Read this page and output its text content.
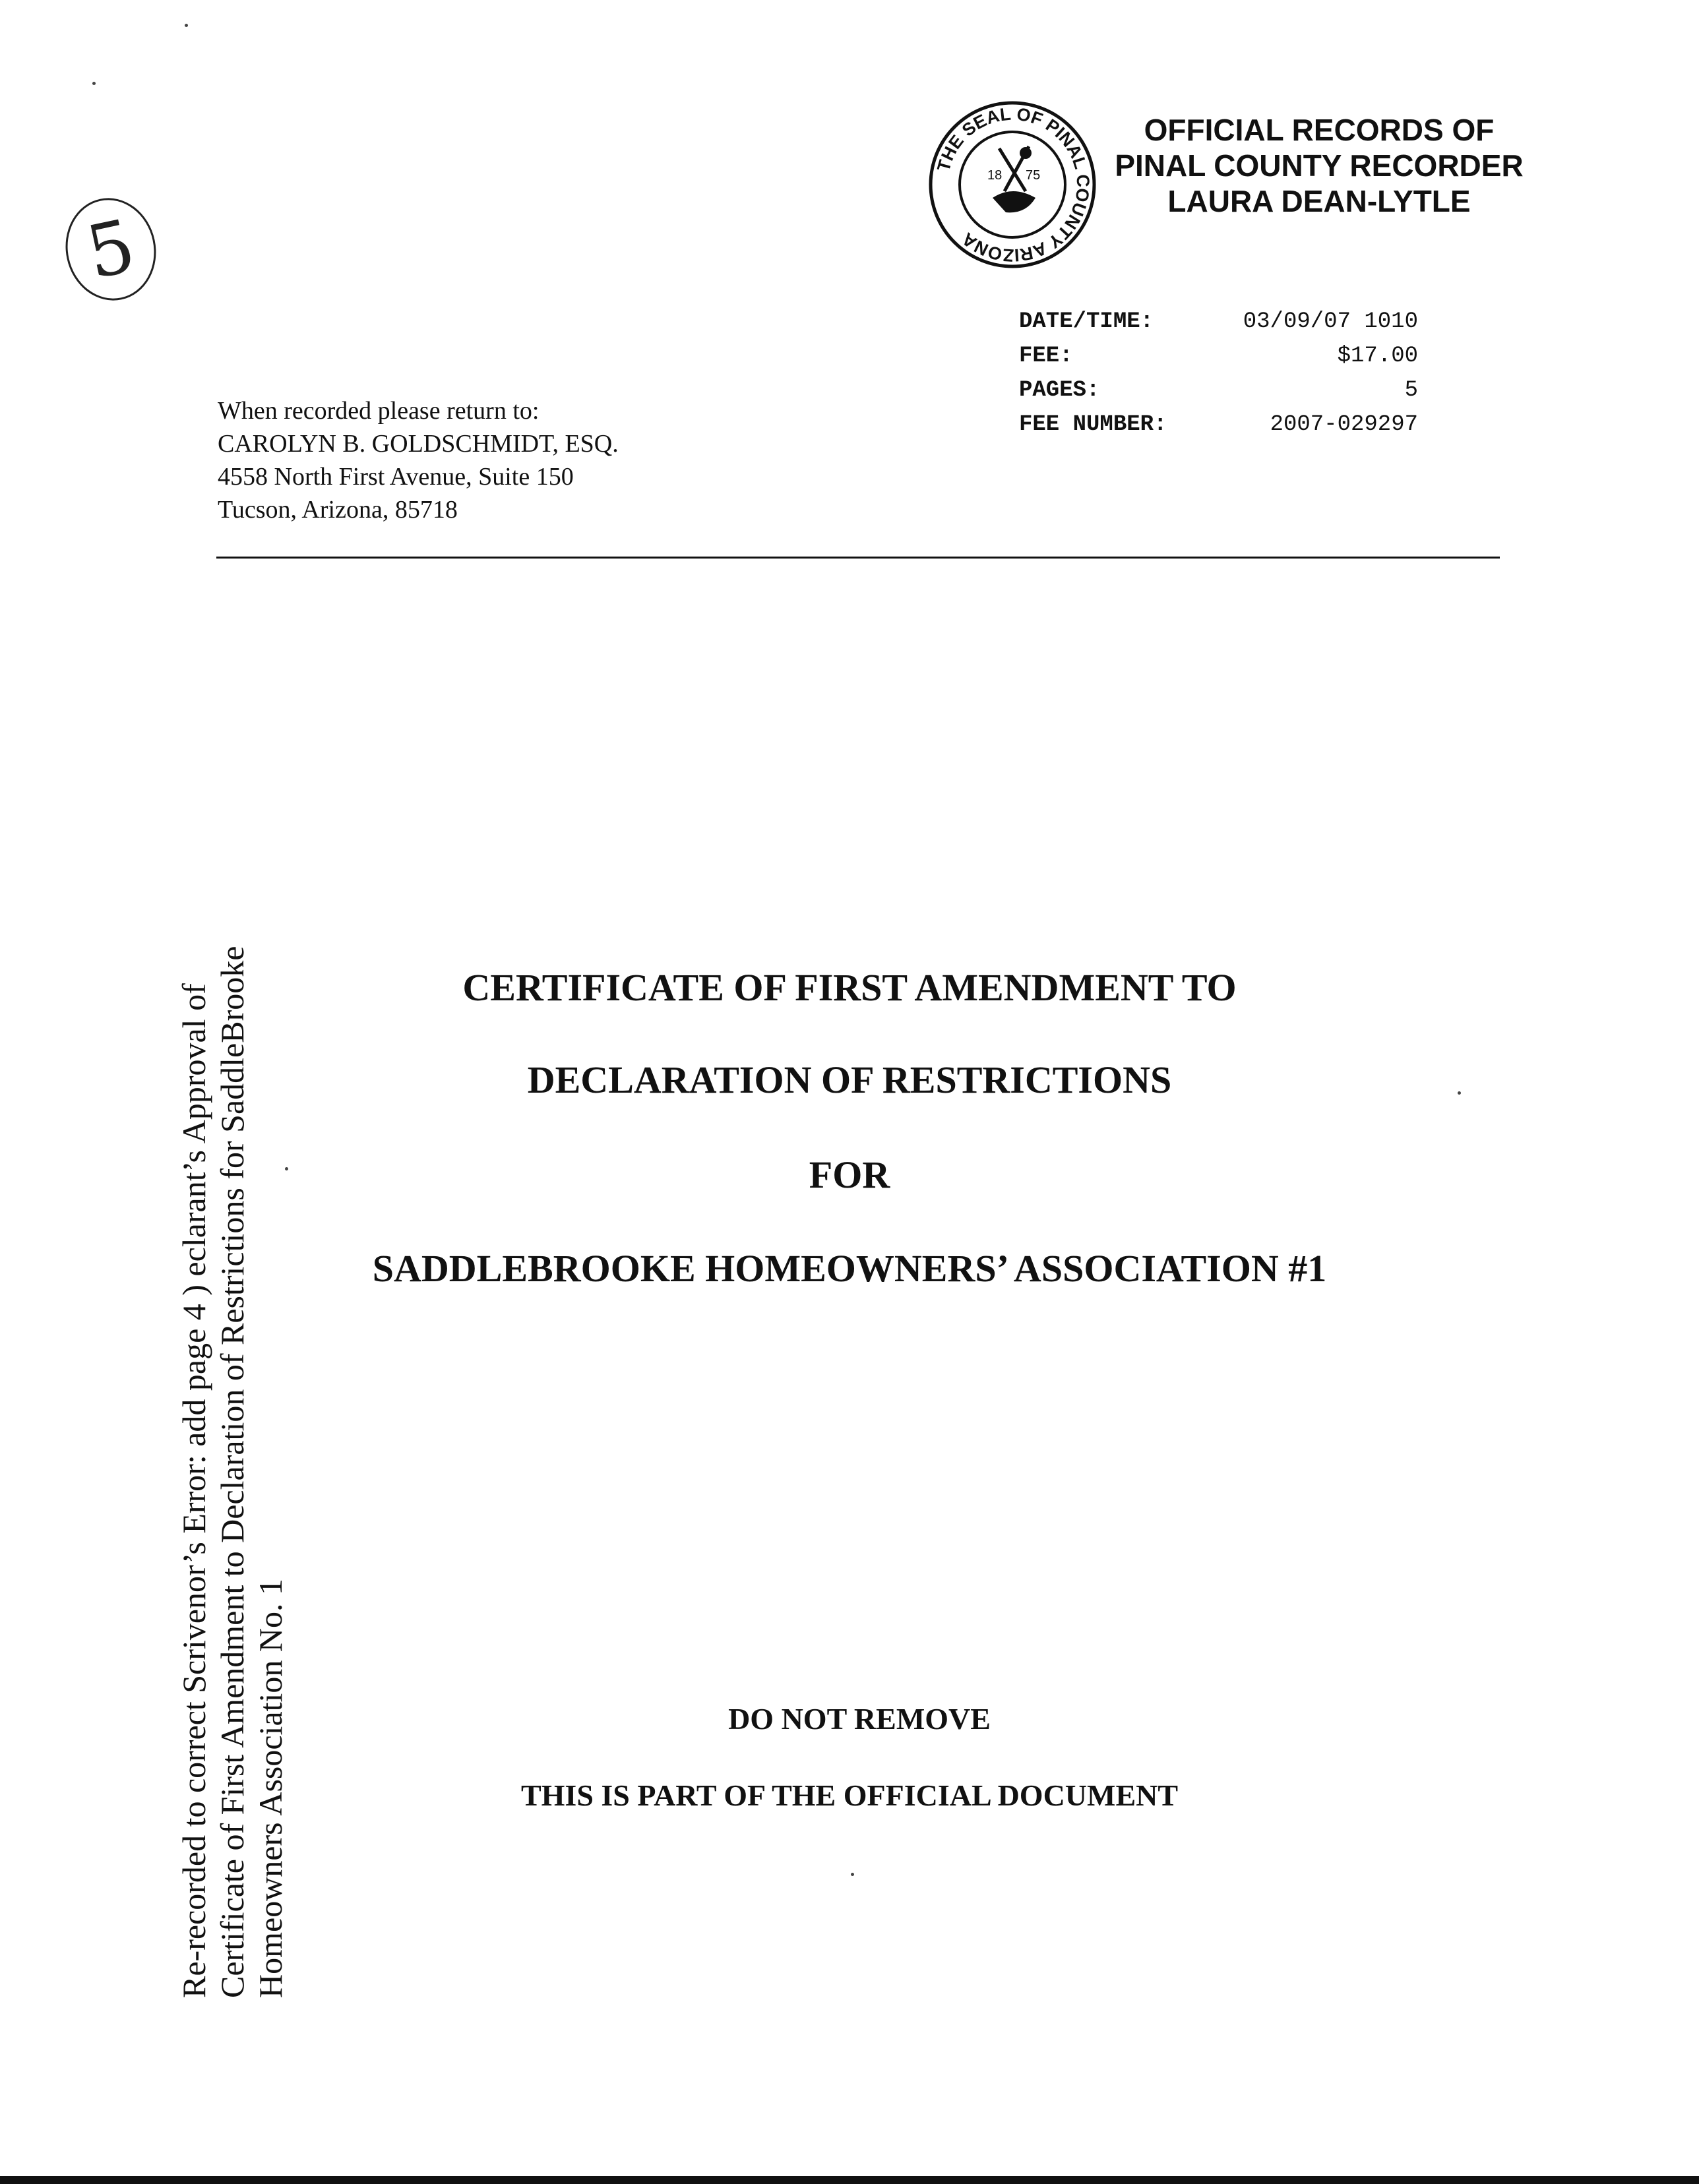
5
THE SEAL OF PINAL COUNTY ARIZONA
18 75
OFFICIAL RECORDS OF
PINAL COUNTY RECORDER
LAURA DEAN-LYTLE
DATE/TIME:	03/09/07 1010
FEE:	$17.00
PAGES:	5
FEE NUMBER:	2007-029297
When recorded please return to:
CAROLYN B. GOLDSCHMIDT, ESQ.
4558 North First Avenue, Suite 150
Tucson, Arizona, 85718
Re-recorded to correct Scrivenor’s Error: add page 4 ) eclarant’s Approval of Certificate of First Amendment to Declaration of Restrictions for SaddleBrooke Homeowners Association No. 1
CERTIFICATE OF FIRST AMENDMENT TO
DECLARATION OF RESTRICTIONS
FOR
SADDLEBROOKE HOMEOWNERS’ ASSOCIATION #1
DO NOT REMOVE
THIS IS PART OF THE OFFICIAL DOCUMENT
